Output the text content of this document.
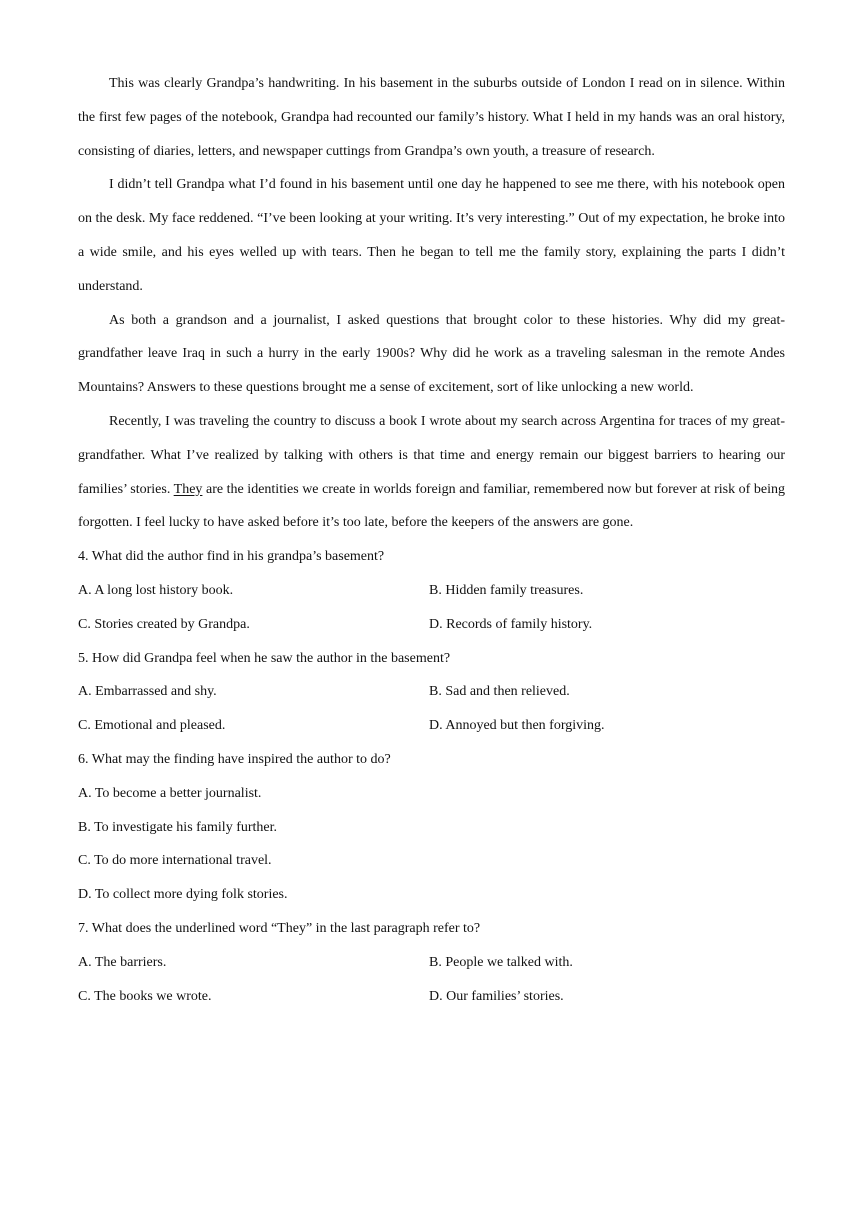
This was clearly Grandpa’s handwriting. In his basement in the suburbs outside of London I read on in silence. Within the first few pages of the notebook, Grandpa had recounted our family’s history. What I held in my hands was an oral history, consisting of diaries, letters, and newspaper cuttings from Grandpa’s own youth, a treasure of research.

I didn’t tell Grandpa what I’d found in his basement until one day he happened to see me there, with his notebook open on the desk. My face reddened. “I’ve been looking at your writing. It’s very interesting.” Out of my expectation, he broke into a wide smile, and his eyes welled up with tears. Then he began to tell me the family story, explaining the parts I didn’t understand.

As both a grandson and a journalist, I asked questions that brought color to these histories. Why did my great-grandfather leave Iraq in such a hurry in the early 1900s? Why did he work as a traveling salesman in the remote Andes Mountains? Answers to these questions brought me a sense of excitement, sort of like unlocking a new world.

Recently, I was traveling the country to discuss a book I wrote about my search across Argentina for traces of my great-grandfather. What I’ve realized by talking with others is that time and energy remain our biggest barriers to hearing our families’ stories. They are the identities we create in worlds foreign and familiar, remembered now but forever at risk of being forgotten. I feel lucky to have asked before it’s too late, before the keepers of the answers are gone.

4. What did the author find in his grandpa’s basement?

A. A long lost history book.	B. Hidden family treasures.
C. Stories created by Grandpa.	D. Records of family history.

5. How did Grandpa feel when he saw the author in the basement?

A. Embarrassed and shy.	B. Sad and then relieved.
C. Emotional and pleased.	D. Annoyed but then forgiving.

6. What may the finding have inspired the author to do?

A. To become a better journalist.
B. To investigate his family further.
C. To do more international travel.
D. To collect more dying folk stories.

7. What does the underlined word “They” in the last paragraph refer to?

A. The barriers.	B. People we talked with.
C. The books we wrote.	D. Our families’ stories.
